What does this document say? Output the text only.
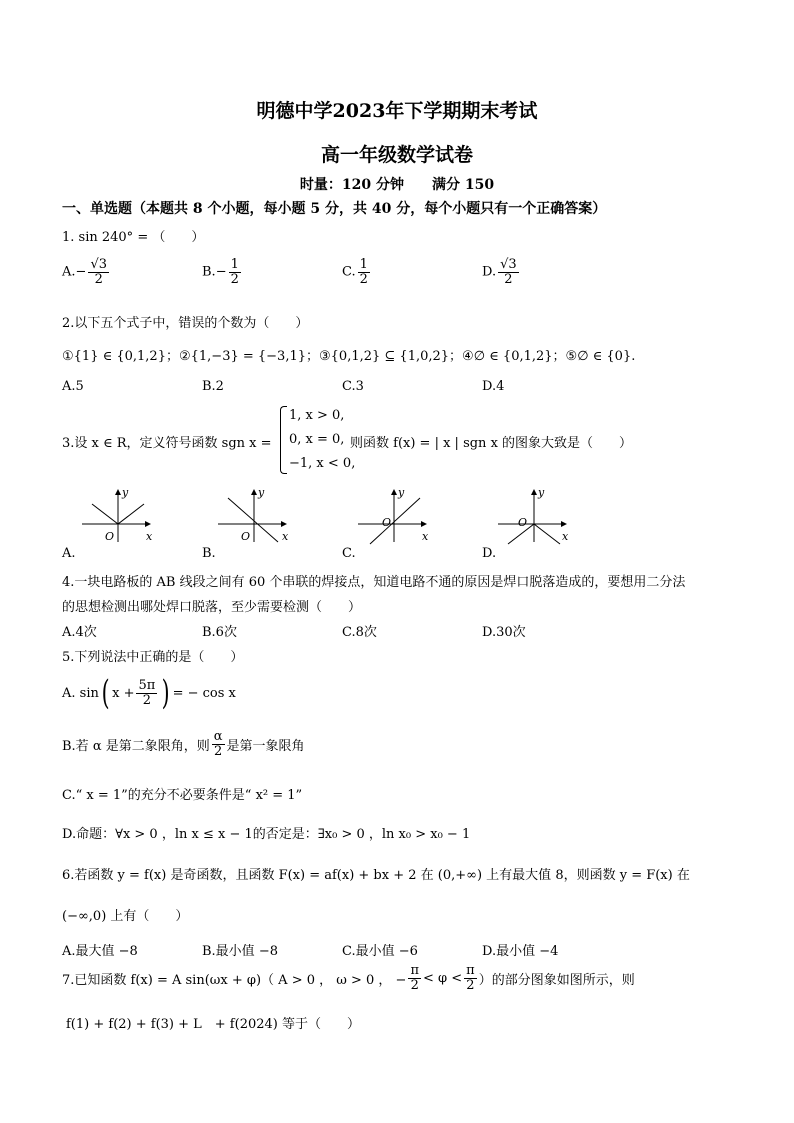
明德中学2023年下学期期末考试
高一年级数学试卷
时量：120 分钟　　满分 150
一、单选题（本题共 8 个小题，每小题 5 分，共 40 分，每个小题只有一个正确答案）
1. sin 240° = （　　）
$A.- \frac{√3}{2}$	$B.- \frac{1}{2}$	C. $\frac{1}{2}$	D. $\frac{√3}{2}$
2.以下五个式子中，错误的个数为（　　）
①{1} ∈ {0,1,2}；②{1,−3} = {−3,1}；③{0,1,2} ⊆ {1,0,2}；④∅ ∈ {0,1,2}；⑤∅ ∈ {0}.
A.5	B.2	C.3	D.4
3.设 x ∈ R，定义符号函数 sgn x =
1, x > 0,
0, x = 0,
−1, x < 0,
则函数 f(x) = | x | sgn x 的图象大致是（　　）
y
x
O
y
x
O
y
x
O
y
x
O
A.	B.	C.	D.
4.一块电路板的 AB 线段之间有 60 个串联的焊接点，知道电路不通的原因是焊口脱落造成的，要想用二分法
的思想检测出哪处焊口脱落，至少需要检测（　　）
A.4次	B.6次	C.8次	D.30次
5.下列说法中正确的是（　　）
A. sin ( $x + \frac{5\pi}{2}$ ) = − cos x
B.若 α 是第二象限角，则 $\frac{\alpha}{2}$ 是第一象限角
C.“ x = 1”的充分不必要条件是“ x² = 1”
D.命题：∀x > 0 ，ln x ≤ x − 1的否定是：∃x₀ > 0 ，ln x₀ > x₀ − 1
6.若函数 y = f(x) 是奇函数，且函数 F(x) = af(x) + bx + 2 在 (0,+∞) 上有最大值 8，则函数 y = F(x) 在
(−∞,0) 上有（　　）
A.最大值 −8	B.最小值 −8	C.最小值 −6	D.最小值 −4
7.已知函数 f(x) = A sin(ωx + φ)（ A > 0 ， ω > 0 ， − $\frac{\pi}{2} < \varphi < \frac{\pi}{2}$ ）的部分图象如图所示，则
f(1) + f(2) + f(3) + L　+ f(2024) 等于（　　）
